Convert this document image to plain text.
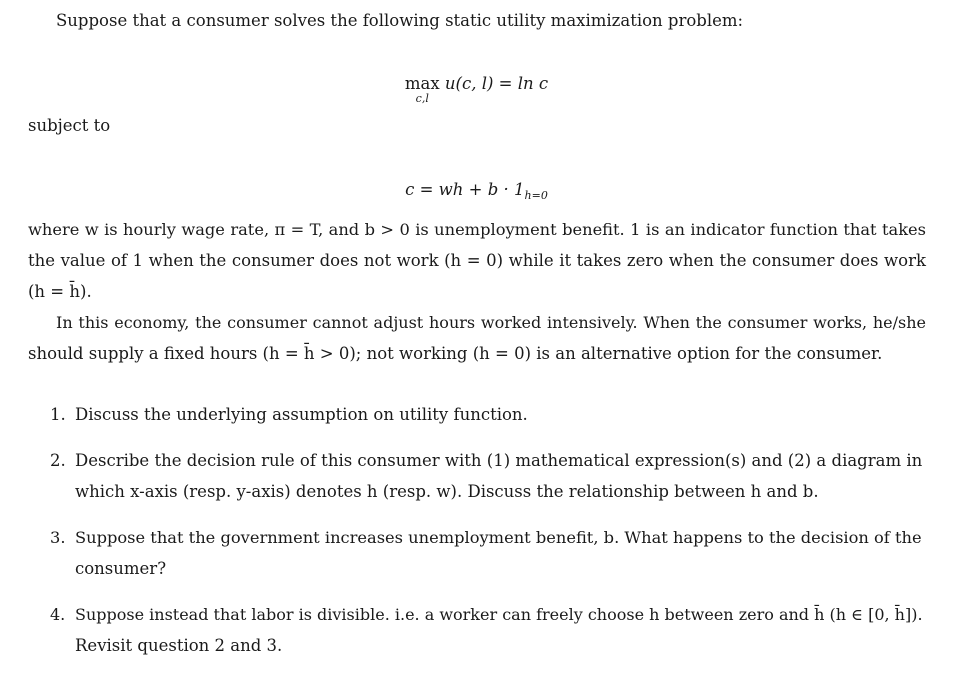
Suppose that a consumer solves the following static utility maximization problem:
max
c,l
u(c, l) = ln c
subject to
c = wh + $b \cdot 1_{h=0}$
where w is hourly wage rate, π = T, and b > 0 is unemployment benefit. 1 is an indicator function that takes
the value of 1 when the consumer does not work (h = 0) while it takes zero when the consumer does work
(h = h̄).
In this economy, the consumer cannot adjust hours worked intensively. When the consumer works, he/she
should supply a fixed hours (h = h̄ > 0); not working (h = 0) is an alternative option for the consumer.
1. Discuss the underlying assumption on utility function.
2. Describe the decision rule of this consumer with (1) mathematical expression(s) and (2) a diagram in
which x-axis (resp. y-axis) denotes h (resp. w). Discuss the relationship between h and b.
3. Suppose that the government increases unemployment benefit, b. What happens to the decision of the
consumer?
4. Suppose instead that labor is divisible. i.e. a worker can freely choose h between zero and h̄ (h ∈ [0, h̄]).
Revisit question 2 and 3.
